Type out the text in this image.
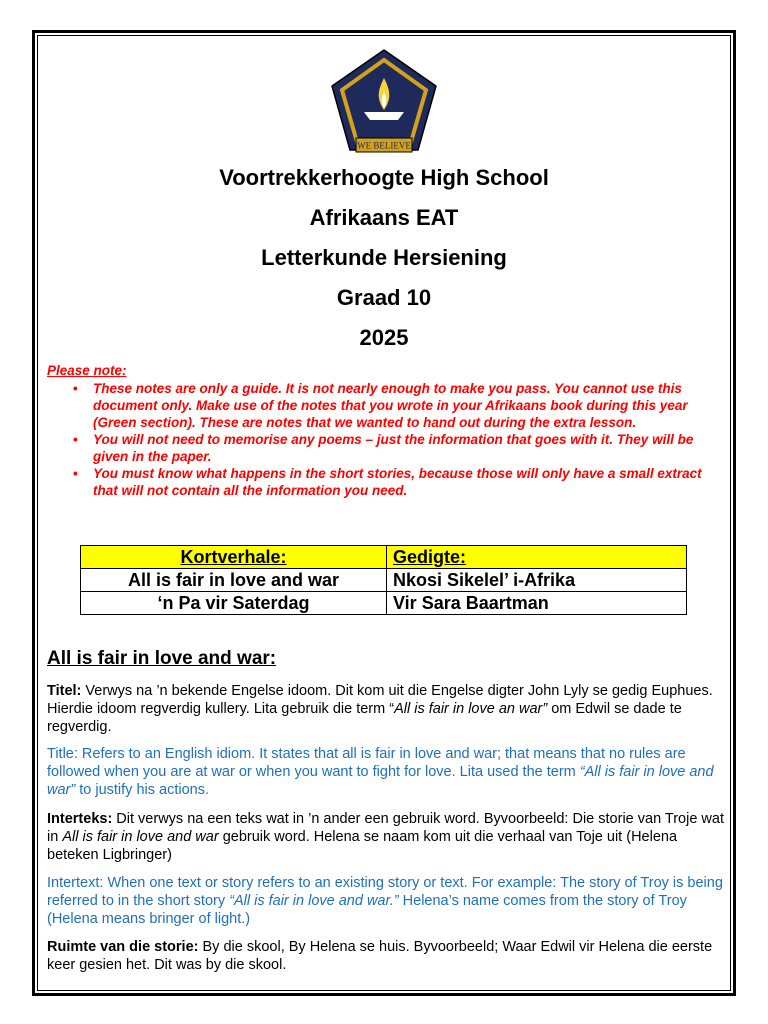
WE BELIEVE
Voortrekkerhoogte High School
Afrikaans EAT
Letterkunde Hersiening
Graad 10
2025
Please note:
• These notes are only a guide. It is not nearly enough to make you pass. You cannot use this document only. Make use of the notes that you wrote in your Afrikaans book during this year (Green section). These are notes that we wanted to hand out during the extra lesson.
• You will not need to memorise any poems – just the information that goes with it. They will be given in the paper.
• You must know what happens in the short stories, because those will only have a small extract that will not contain all the information you need.
Kortverhale:	Gedigte:
All is fair in love and war	Nkosi Sikelel’ i-Afrika
‘n Pa vir Saterdag	Vir Sara Baartman
All is fair in love and war:
Titel: Verwys na ’n bekende Engelse idoom. Dit kom uit die Engelse digter John Lyly se gedig Euphues. Hierdie idoom regverdig kullery. Lita gebruik die term “All is fair in love an war” om Edwil se dade te regverdig.
Title: Refers to an English idiom. It states that all is fair in love and war; that means that no rules are followed when you are at war or when you want to fight for love. Lita used the term “All is fair in love and war” to justify his actions.
Interteks: Dit verwys na een teks wat in ’n ander een gebruik word. Byvoorbeeld: Die storie van Troje wat in All is fair in love and war gebruik word. Helena se naam kom uit die verhaal van Toje uit (Helena beteken Ligbringer)
Intertext: When one text or story refers to an existing story or text. For example: The story of Troy is being referred to in the short story “All is fair in love and war.” Helena’s name comes from the story of Troy (Helena means bringer of light.)
Ruimte van die storie: By die skool, By Helena se huis. Byvoorbeeld; Waar Edwil vir Helena die eerste keer gesien het. Dit was by die skool.
